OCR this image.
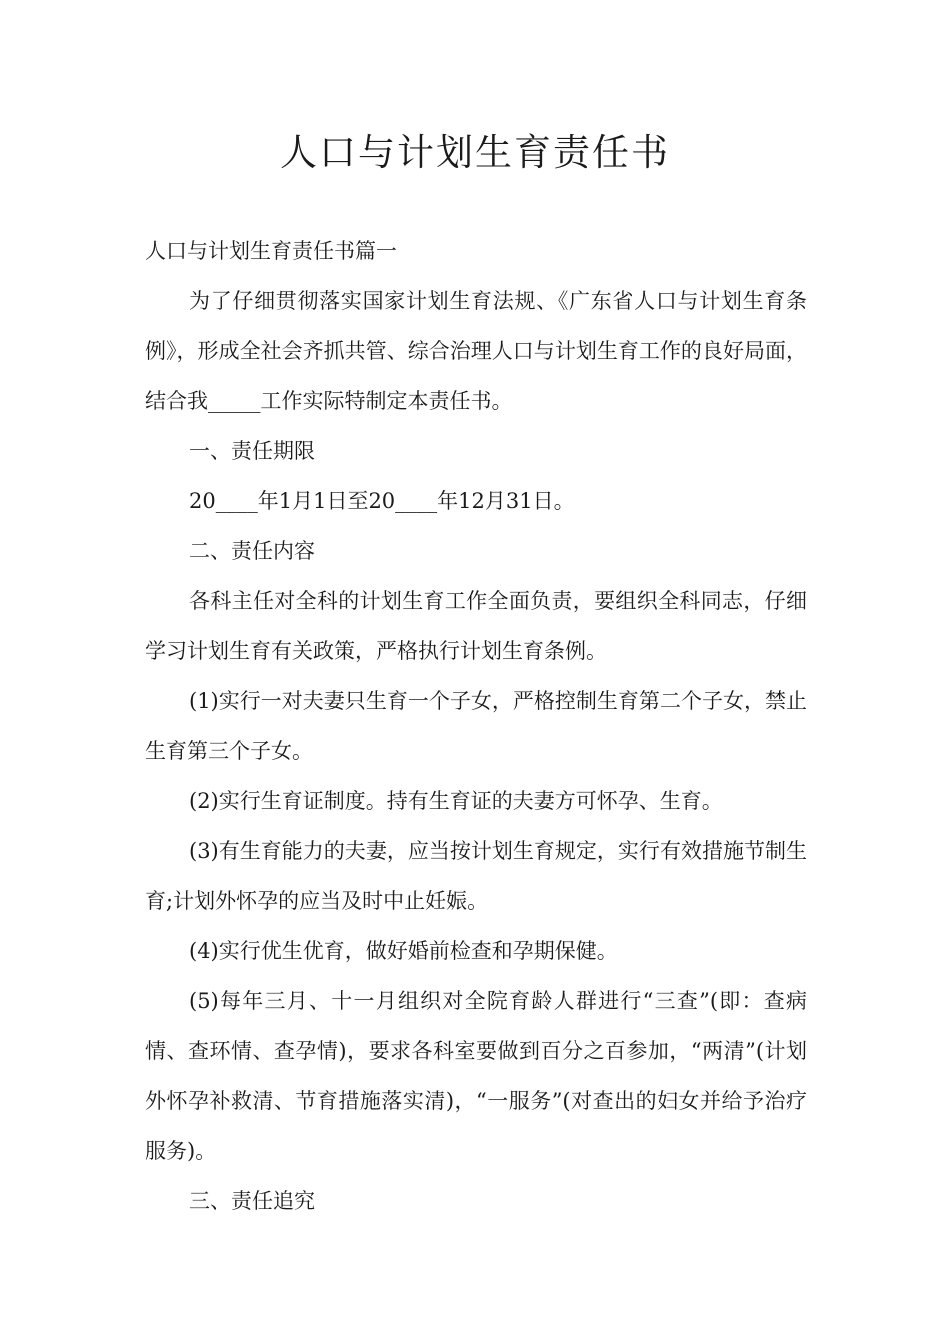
人口与计划生育责任书

人口与计划生育责任书篇一

为了仔细贯彻落实国家计划生育法规、《广东省人口与计划生育条例》，形成全社会齐抓共管、综合治理人口与计划生育工作的良好局面，结合我_____工作实际特制定本责任书。

一、责任期限

20____年1月1日至20____年12月31日。

二、责任内容

各科主任对全科的计划生育工作全面负责，要组织全科同志，仔细学习计划生育有关政策，严格执行计划生育条例。

(1)实行一对夫妻只生育一个子女，严格控制生育第二个子女，禁止生育第三个子女。

(2)实行生育证制度。持有生育证的夫妻方可怀孕、生育。

(3)有生育能力的夫妻，应当按计划生育规定，实行有效措施节制生育;计划外怀孕的应当及时中止妊娠。

(4)实行优生优育，做好婚前检查和孕期保健。

(5)每年三月、十一月组织对全院育龄人群进行“三查”(即：查病情、查环情、查孕情)，要求各科室要做到百分之百参加，“两清”(计划外怀孕补救清、节育措施落实清)，“一服务”(对查出的妇女并给予治疗服务)。

三、责任追究
